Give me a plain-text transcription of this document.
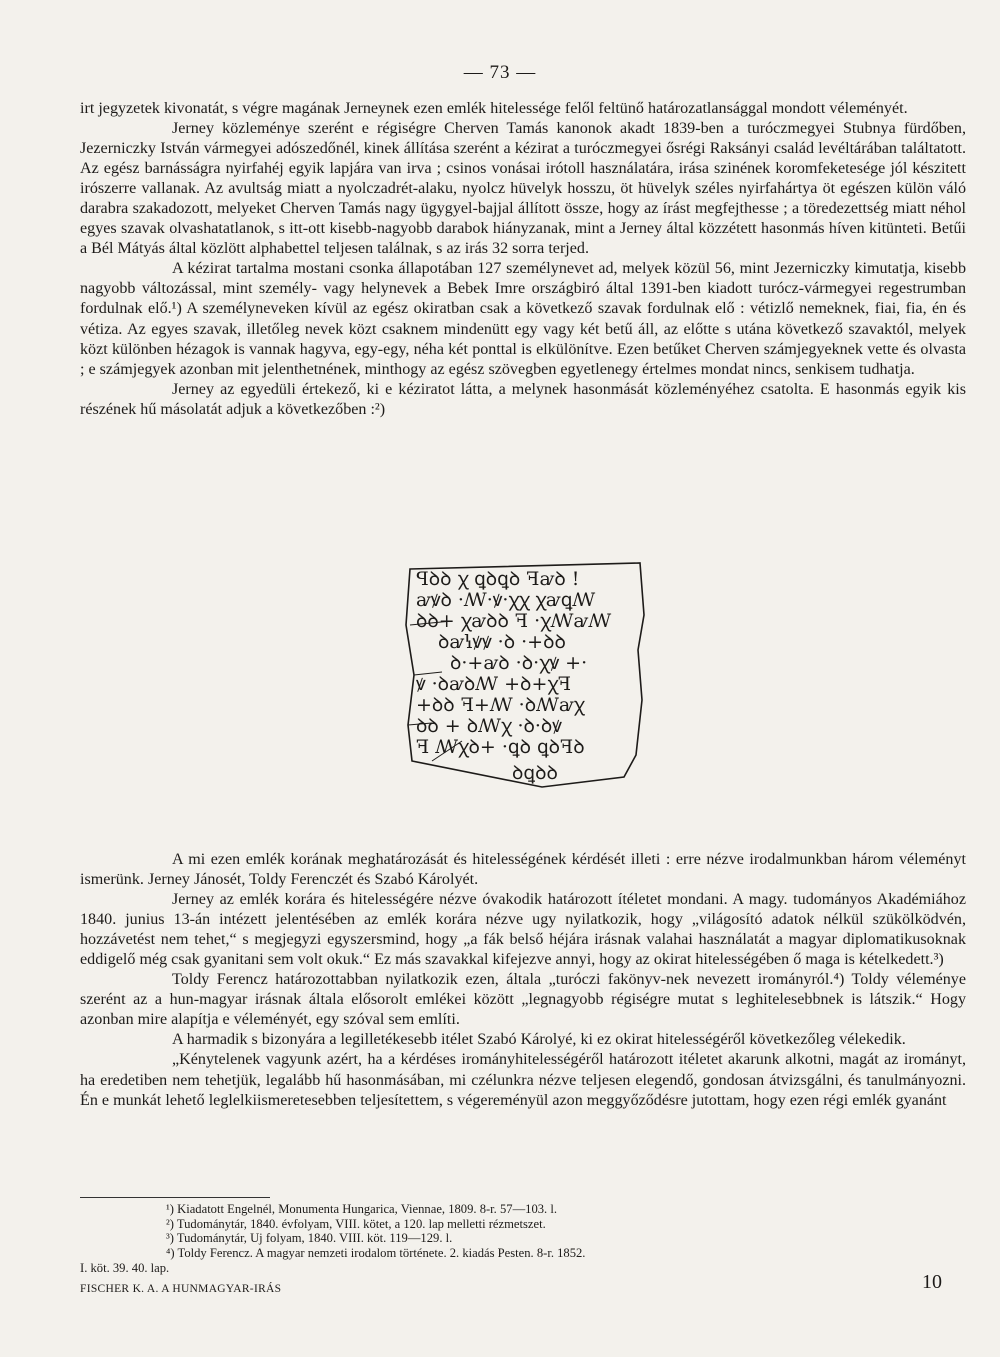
— 73 —

irt jegyzetek kivonatát, s végre magának Jerneynek ezen emlék hitelessége felől feltünő határozatlansággal mondott véleményét.

Jerney közleménye szerént e régiségre Cherven Tamás kanonok akadt 1839-ben a turóczmegyei Stubnya fürdőben, Jezerniczky István vármegyei adószedőnél, kinek állítása szerént a kézirat a turóczmegyei ősrégi Raksányi család levéltárában találtatott. Az egész barnásságra nyirfahéj egyik lapjára van irva ; csinos vonásai irótoll használatára, irása szinének koromfeketesége jól készitett irószerre vallanak. Az avultság miatt a nyolczadrét-alaku, nyolcz hüvelyk hosszu, öt hüvelyk széles nyirfahártya öt egészen külön váló darabra szakadozott, melyeket Cherven Tamás nagy ügygyel-bajjal állított össze, hogy az írást megfejthesse ; a töredezettség miatt néhol egyes szavak olvashatatlanok, s itt-ott kisebb-nagyobb darabok hiányzanak, mint a Jerney által közzétett hasonmás híven kitünteti. Betűi a Bél Mátyás által közlött alphabettel teljesen találnak, s az irás 32 sorra terjed.

A kézirat tartalma mostani csonka állapotában 127 személynevet ad, melyek közül 56, mint Jezerniczky kimutatja, kisebb nagyobb változással, mint személy- vagy helynevek a Bebek Imre országbiró által 1391-ben kiadott turócz-vármegyei regestrumban fordulnak elő.¹) A személyneveken kívül az egész okiratban csak a következő szavak fordulnak elő : vétizlő nemeknek, fiai, fia, én és vétiza. Az egyes szavak, illetőleg nevek közt csaknem mindenütt egy vagy két betű áll, az előtte s utána következő szavaktól, melyek közt különben hézagok is vannak hagyva, egy-egy, néha két ponttal is elkülönítve. Ezen betűket Cherven számjegyeknek vette és olvasta ; e számjegyek azonban mit jelenthetnének, minthogy az egész szövegben egyetlenegy értelmes mondat nincs, senkisem tudhatja.

Jerney az egyedüli értekező, ki e kéziratot látta, a melynek hasonmását közleményéhez csatolta. E hasonmás egyik kis részének hű másolatát adjuk a következőben :²)

ꟼꝺꝺ ꭓ ꝗꝺꝗꝺ ꟻꜹꝺ !
ꜹꝟꝺ ·ꟿ·ꝟ·ꭓꭓ ꭓꜹꝗꟿ
ꝺꝺ+ ꭓꜹꝺꝺ ꟻ ·ꭓꟿꜹꟿ
ꝺꜹꝇꝟꝟ ·ꝺ ·+ꝺꝺ
ꝺ·+ꜹꝺ ·ꝺ·ꭓꝟ +·
ꝟ ·ꝺꜹꝺꟿ +ꝺ+ꭓꟻ
+ꝺꝺ ꟻ+ꟿ ·ꝺꟿꜹꭓ
ꝺꝺ + ꝺꟿꭓ ·ꝺ·ꝺꝟ
ꟻ ꟿꭓꝺ+ ·ꝗꝺ ꝗꝺꟻꝺ
ꝺꝗꝺꝺ

A mi ezen emlék korának meghatározását és hitelességének kérdését illeti : erre nézve irodalmunkban három véleményt ismerünk. Jerney Jánosét, Toldy Ferenczét és Szabó Károlyét.

Jerney az emlék korára és hitelességére nézve óvakodik határozott ítéletet mondani. A magy. tudományos Akadémiához 1840. junius 13-án intézett jelentésében az emlék korára nézve ugy nyilatkozik, hogy „világosító adatok nélkül szükölködvén, hozzávetést nem tehet,“ s megjegyzi egyszersmind, hogy „a fák belső héjára irásnak valahai használatát a magyar diplomatikusoknak eddigelő még csak gyanitani sem volt okuk.“ Ez más szavakkal kifejezve annyi, hogy az okirat hitelességében ő maga is kételkedett.³)

Toldy Ferencz határozottabban nyilatkozik ezen, általa „turóczi fakönyv-nek nevezett irományról.⁴) Toldy véleménye szerént az a hun-magyar irásnak általa elősorolt emlékei között „legnagyobb régiségre mutat s leghitelesebbnek is látszik.“ Hogy azonban mire alapítja e véleményét, egy szóval sem említi.

A harmadik s bizonyára a legilletékesebb itélet Szabó Károlyé, ki ez okirat hitelességéről következőleg vélekedik.

„Kénytelenek vagyunk azért, ha a kérdéses irományhitelességéről határozott itéletet akarunk alkotni, magát az irományt, ha eredetiben nem tehetjük, legalább hű hasonmásában, mi czélunkra nézve teljesen elegendő, gondosan átvizsgálni, és tanulmányozni. Én e munkát lehető leglelkiismeretesebben teljesítettem, s végereményül azon meggyőződésre jutottam, hogy ezen régi emlék gyanánt

¹) Kiadatott Engelnél, Monumenta Hungarica, Viennae, 1809. 8-r. 57—103. l.
²) Tudománytár, 1840. évfolyam, VIII. kötet, a 120. lap melletti rézmetszet.
³) Tudománytár, Uj folyam, 1840. VIII. köt. 119—129. l.
⁴) Toldy Ferencz. A magyar nemzeti irodalom története. 2. kiadás Pesten. 8-r. 1852.
I. köt. 39. 40. lap.
FISCHER K. A. A HUNMAGYAR-IRÁS	10
